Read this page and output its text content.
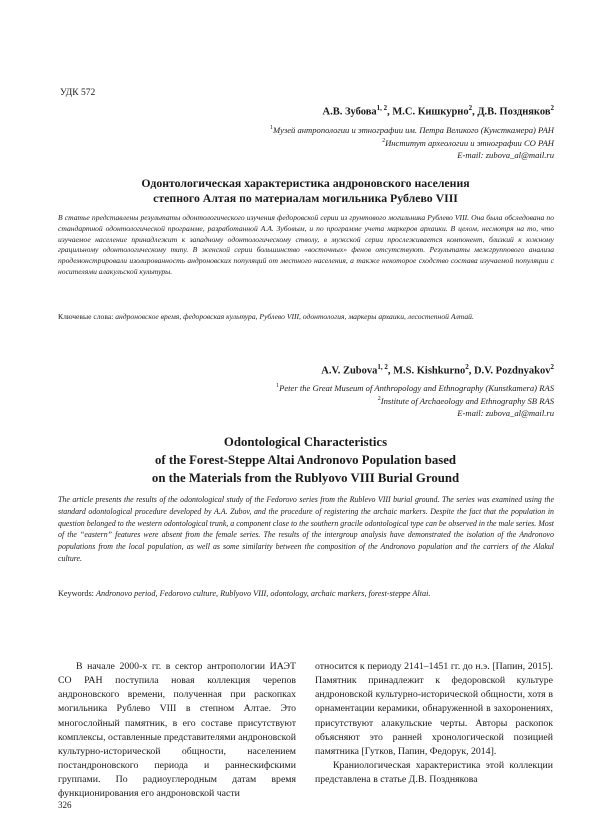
УДК 572
А.В. Зубова$^{1, 2}$, М.С. Кишкурно$^2$, Д.В. Поздняков$^2$
$^1$Музей антропологии и этнографии им. Петра Великого (Кунсткамера) РАН
$^2$Институт археологии и этнографии СО РАН
E-mail: zubova_al@mail.ru
Одонтологическая характеристика андроновского населения
степного Алтая по материалам могильника Рублево VIII
В статье представлены результаты одонтологического изучения федоровской серии из грунтового могильника Рублево VIII. Она была обследована по стандартной одонтологической программе, разработанной А.А. Зубовым, и по программе учета маркеров архаики. В целом, несмотря на то, что изучаемое население принадлежит к западному одонтологическому стволу, в мужской серии прослеживается компонент, близкий к южному грацильному одонтологическому типу. В женской серии большинство «восточных» фенов отсутствуют. Результаты межгруппового анализа продемонстрировали изолированность андроновских популяций от местного населения, а также некоторое сходство состава изучаемой популяции с носителями алакульской культуры.
Ключевые слова: андроновское время, федоровская культура, Рублево VIII, одонтология, маркеры архаики, лесостепной Алтай.
A.V. Zubova$^{1, 2}$, M.S. Kishkurno$^2$, D.V. Pozdnyakov$^2$
$^1$Peter the Great Museum of Anthropology and Ethnography (Kunstkamera) RAS
$^2$Institute of Archaeology and Ethnography SB RAS
E-mail: zubova_al@mail.ru
Odontological Characteristics
of the Forest-Steppe Altai Andronovo Population based
on the Materials from the Rublyovo VIII Burial Ground
The article presents the results of the odontological study of the Fedorovo series from the Rublevo VIII burial ground. The series was examined using the standard odontological procedure developed by A.A. Zubov, and the procedure of registering the archaic markers. Despite the fact that the population in question belonged to the western odontological trunk, a component close to the southern gracile odontological type can be observed in the male series. Most of the “eastern” features were absent from the female series. The results of the intergroup analysis have demonstrated the isolation of the Andronovo populations from the local population, as well as some similarity between the composition of the Andronovo population and the carriers of the Alakul culture.
Keywords: Andronovo period, Fedorovo culture, Rublyovo VIII, odontology, archaic markers, forest-steppe Altai.
В начале 2000-х гг. в сектор антропологии ИАЭТ СО РАН поступила новая коллекция черепов андроновского времени, полученная при раскопках могильника Рублево VIII в степном Алтае. Это многослойный памятник, в его составе присутствуют комплексы, оставленные представителями андроновской культурно-исторической общности, населением постандроновского периода и раннескифскими группами. По радиоуглеродным датам время функционирования его андроновской части

относится к периоду 2141–1451 гг. до н.э. [Папин, 2015]. Памятник принадлежит к федоровской культуре андроновской культурно-исторической общности, хотя в орнаментации керамики, обнаруженной в захоронениях, присутствуют алакульские черты. Авторы раскопок объясняют это ранней хронологической позицией памятника [Гутков, Папин, Федорук, 2014].

Краниологическая характеристика этой коллекции представлена в статье Д.В. Позднякова

326
